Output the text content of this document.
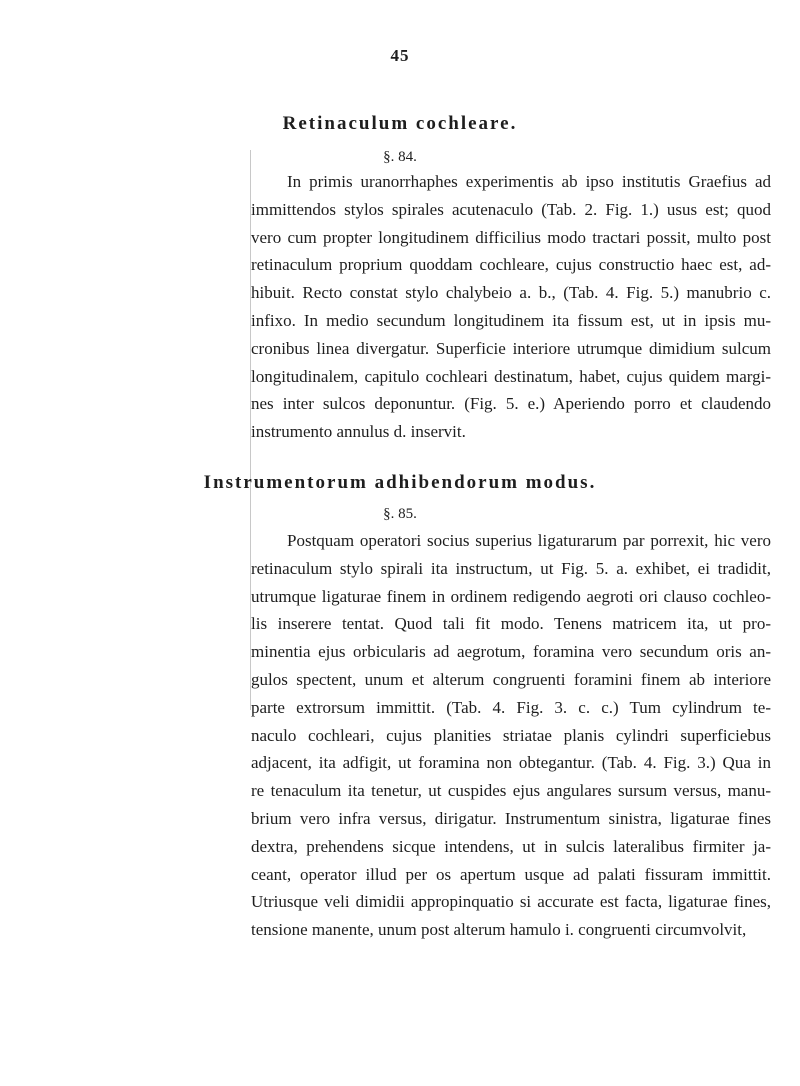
45
Retinaculum cochleare.
§. 84.
In primis uranorrhaphes experimentis ab ipso institutis Graefius ad
immittendos stylos spirales acutenaculo (Tab. 2. Fig. 1.) usus est; quod
vero cum propter longitudinem difficilius modo tractari possit, multo post
retinaculum proprium quoddam cochleare, cujus constructio haec est, ad-
hibuit. Recto constat stylo chalybeio a. b., (Tab. 4. Fig. 5.) manubrio c.
infixo. In medio secundum longitudinem ita fissum est, ut in ipsis mu-
cronibus linea divergatur. Superficie interiore utrumque dimidium sulcum
longitudinalem, capitulo cochleari destinatum, habet, cujus quidem margi-
nes inter sulcos deponuntur. (Fig. 5. e.) Aperiendo porro et claudendo
instrumento annulus d. inservit.
Instrumentorum adhibendorum modus.
§. 85.
Postquam operatori socius superius ligaturarum par porrexit, hic vero
retinaculum stylo spirali ita instructum, ut Fig. 5. a. exhibet, ei tradidit,
utrumque ligaturae finem in ordinem redigendo aegroti ori clauso cochleo-
lis inserere tentat. Quod tali fit modo. Tenens matricem ita, ut pro-
minentia ejus orbicularis ad aegrotum, foramina vero secundum oris an-
gulos spectent, unum et alterum congruenti foramini finem ab interiore
parte extrorsum immittit. (Tab. 4. Fig. 3. c. c.) Tum cylindrum te-
naculo cochleari, cujus planities striatae planis cylindri superficiebus
adjacent, ita adfigit, ut foramina non obtegantur. (Tab. 4. Fig. 3.) Qua in
re tenaculum ita tenetur, ut cuspides ejus angulares sursum versus, manu-
brium vero infra versus, dirigatur. Instrumentum sinistra, ligaturae fines
dextra, prehendens sicque intendens, ut in sulcis lateralibus firmiter ja-
ceant, operator illud per os apertum usque ad palati fissuram immittit.
Utriusque veli dimidii appropinquatio si accurate est facta, ligaturae fines,
tensione manente, unum post alterum hamulo i. congruenti circumvolvit,
